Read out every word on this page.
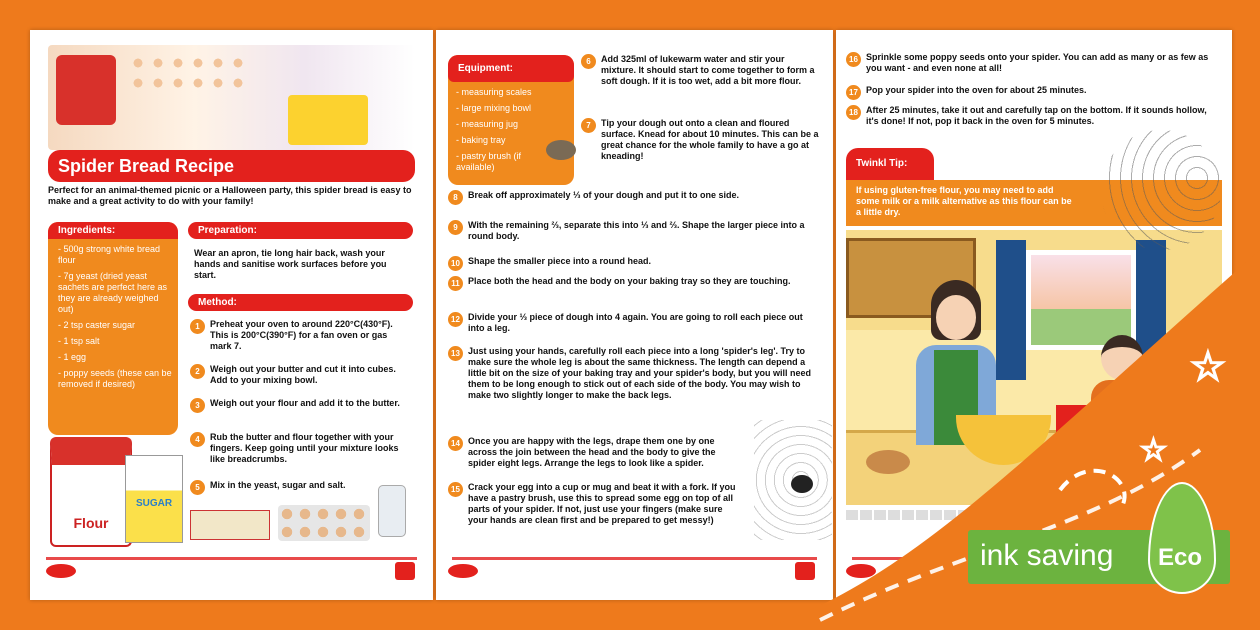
Spider Bread Recipe

Perfect for an animal-themed picnic or a Halloween party, this spider bread is easy to make and a great activity to do with your family!

Ingredients:
- 500g strong white bread flour
- 7g yeast (dried yeast sachets are perfect here as they are already weighed out)
- 2 tsp caster sugar
- 1 tsp salt
- 1 egg
- poppy seeds (these can be removed if desired)
Preparation:

Wear an apron, tie long hair back, wash your hands and sanitise work surfaces before you start.

Method:
1	Preheat your oven to around 220°C(430°F). This is 200°C(390°F) for a fan oven or gas mark 7.
2	Weigh out your butter and cut it into cubes. Add to your mixing bowl.
3	Weigh out your flour and add it to the butter.
4	Rub the butter and flour together with your fingers. Keep going until your mixture looks like breadcrumbs.
5	Mix in the yeast, sugar and salt.
Flour
SUGAR

Equipment:
- measuring scales
- large mixing bowl
- measuring jug
- baking tray
- pastry brush (if available)
6	Add 325ml of lukewarm water and stir your mixture. It should start to come together to form a soft dough. If it is too wet, add a bit more flour.
7	Tip your dough out onto a clean and floured surface. Knead for about 10 minutes. This can be a great chance for the whole family to have a go at kneading!
8	Break off approximately ⅓ of your dough and put it to one side.
9	With the remaining ⅔, separate this into ⅓ and ⅔. Shape the larger piece into a round body.
10 Shape the smaller piece into a round head.
11 Place both the head and the body on your baking tray so they are touching.
12 Divide your ⅓ piece of dough into 4 again. You are going to roll each piece out into a leg.
13 Just using your hands, carefully roll each piece into a long 'spider's leg'. Try to make sure the whole leg is about the same thickness. The length can depend a little bit on the size of your baking tray and your spider's body, but you will need them to be long enough to stick out of each side of the body. You may wish to make two slightly longer to make the back legs.
14 Once you are happy with the legs, drape them one by one across the join between the head and the body to give the spider eight legs. Arrange the legs to look like a spider.
15 Crack your egg into a cup or mug and beat it with a fork. If you have a pastry brush, use this to spread some egg on top of all parts of your spider. If not, just use your fingers (make sure your hands are clean first and be prepared to get messy!)
16 Sprinkle some poppy seeds onto your spider. You can add as many or as few as you want - and even none at all!
17 Pop your spider into the oven for about 25 minutes.
18 After 25 minutes, take it out and carefully tap on the bottom. If it sounds hollow, it's done! If not, pop it back in the oven for 5 minutes.
Twinkl Tip:
If using gluten-free flour, you may need to add some milk or a milk alternative as this flour can be a little dry.
☆
☆
ink saving Eco
